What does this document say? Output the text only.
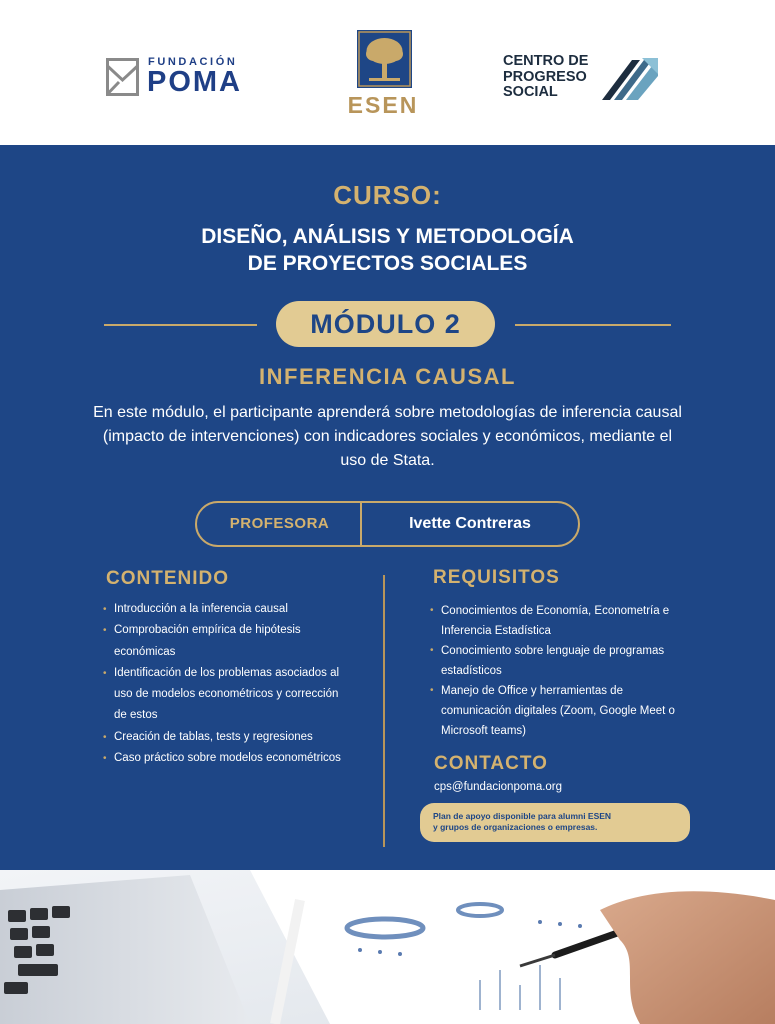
FUNDACIÓN
POMA
ESEN
CENTRO DE
PROGRESO
SOCIAL
CURSO:
DISEÑO, ANÁLISIS Y METODOLOGÍA
DE PROYECTOS SOCIALES
MÓDULO 2
INFERENCIA CAUSAL
En este módulo, el participante aprenderá sobre metodologías de inferencia causal (impacto de intervenciones) con indicadores sociales y económicos, mediante el uso de Stata.
PROFESORA	Ivette Contreras
CONTENIDO
• Introducción a la inferencia causal
• Comprobación empírica de hipótesis económicas
• Identificación de los problemas asociados al uso de modelos econométricos y corrección de estos
• Creación de tablas, tests y regresiones
• Caso práctico sobre modelos econométricos
REQUISITOS
• Conocimientos de Economía, Econometría e Inferencia Estadística
• Conocimiento sobre lenguaje de programas estadísticos
• Manejo de Office y herramientas de comunicación digitales (Zoom, Google Meet o Microsoft teams)
CONTACTO
cps@fundacionpoma.org
Plan de apoyo disponible para alumni ESEN
y grupos de organizaciones o empresas.
